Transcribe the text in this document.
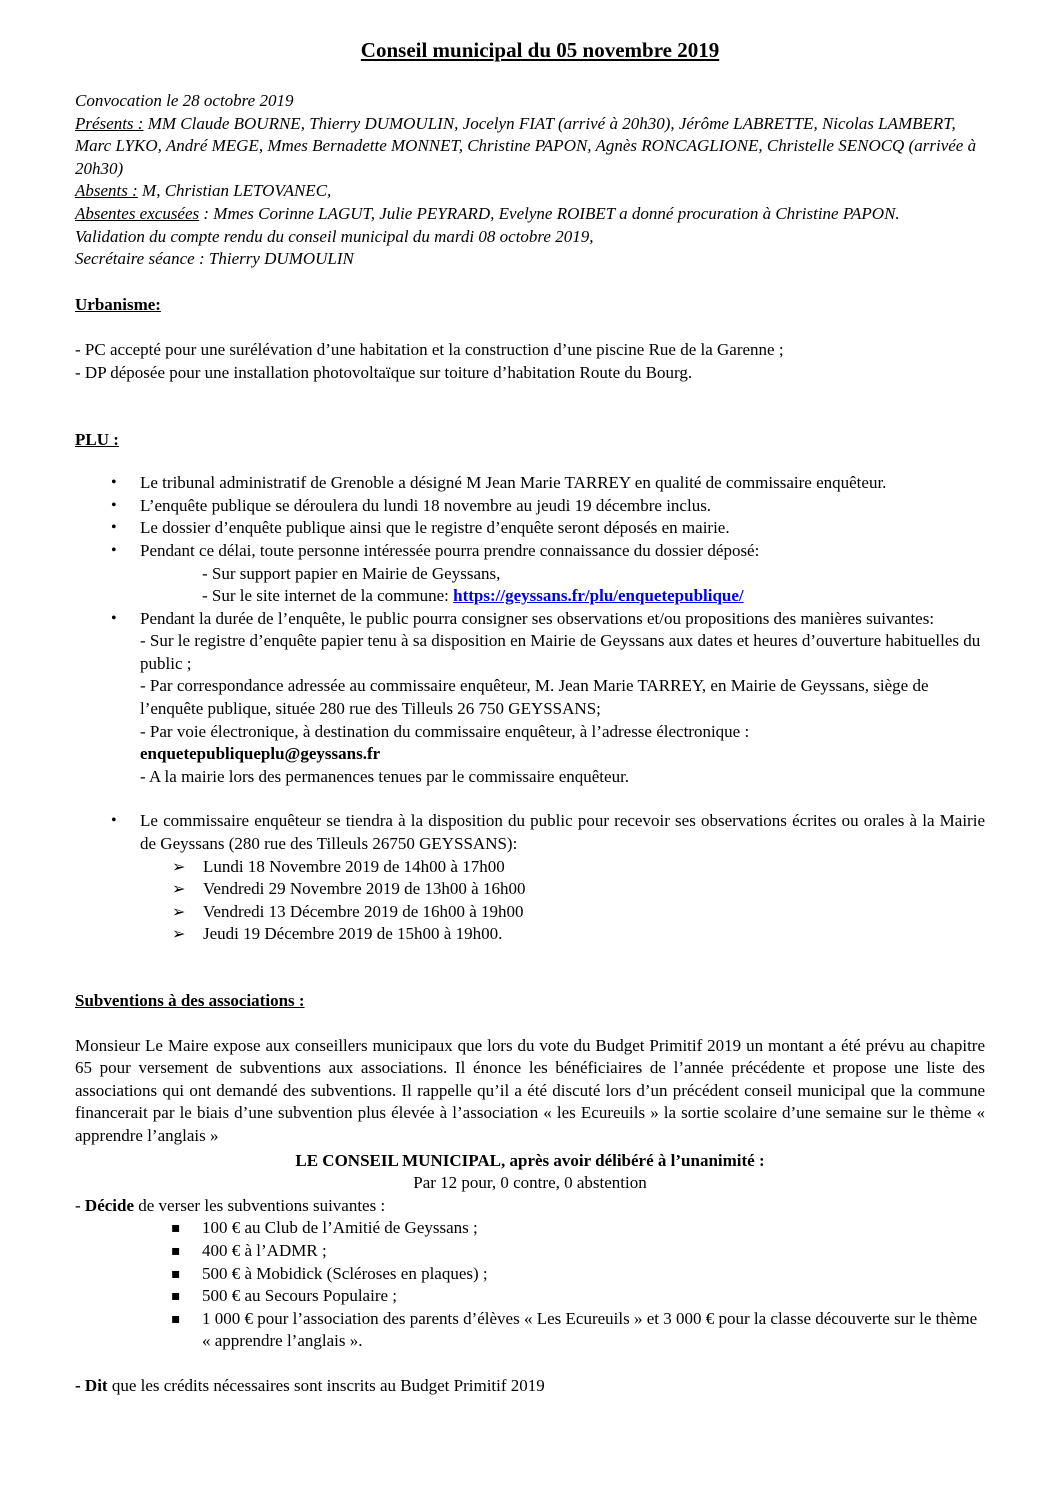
Conseil municipal du 05 novembre 2019

Convocation le 28 octobre 2019

Présents : MM Claude BOURNE, Thierry DUMOULIN, Jocelyn FIAT (arrivé à 20h30), Jérôme LABRETTE, Nicolas LAMBERT, Marc LYKO, André MEGE, Mmes Bernadette MONNET, Christine PAPON, Agnès RONCAGLIONE, Christelle SENOCQ (arrivée à 20h30)

Absents : M, Christian LETOVANEC,

Absentes excusées : Mmes Corinne LAGUT, Julie PEYRARD, Evelyne ROIBET a donné procuration à Christine PAPON.

Validation du compte rendu du conseil municipal du mardi 08 octobre 2019,

Secrétaire séance : Thierry DUMOULIN

Urbanisme:

- PC accepté pour une surélévation d’une habitation et la construction d’une piscine Rue de la Garenne ;

- DP déposée pour une installation photovoltaïque sur toiture d’habitation Route du Bourg.

PLU :

• Le tribunal administratif de Grenoble a désigné M Jean Marie TARREY en qualité de commissaire enquêteur.
• L’enquête publique se déroulera du lundi 18 novembre au jeudi 19 décembre inclus.
• Le dossier d’enquête publique ainsi que le registre d’enquête seront déposés en mairie.
• Pendant ce délai, toute personne intéressée pourra prendre connaissance du dossier déposé:

- Sur support papier en Mairie de Geyssans,

- Sur le site internet de la commune: https://geyssans.fr/plu/enquetepublique/

• Pendant la durée de l’enquête, le public pourra consigner ses observations et/ou propositions des manières suivantes:
- Sur le registre d’enquête papier tenu à sa disposition en Mairie de Geyssans aux dates et heures d’ouverture habituelles du public ;
- Par correspondance adressée au commissaire enquêteur, M. Jean Marie TARREY, en Mairie de Geyssans, siège de l’enquête publique, située 280 rue des Tilleuls 26 750 GEYSSANS;
- Par voie électronique, à destination du commissaire enquêteur, à l’adresse électronique :
enquetepubliqueplu@geyssans.fr
- A la mairie lors des permanences tenues par le commissaire enquêteur.
• Le commissaire enquêteur se tiendra à la disposition du public pour recevoir ses observations écrites ou orales à la Mairie de Geyssans (280 rue des Tilleuls 26750 GEYSSANS):
➢ Lundi 18 Novembre 2019 de 14h00 à 17h00
➢ Vendredi 29 Novembre 2019 de 13h00 à 16h00
➢ Vendredi 13 Décembre 2019 de 16h00 à 19h00
➢ Jeudi 19 Décembre 2019 de 15h00 à 19h00.

Subventions à des associations :

Monsieur Le Maire expose aux conseillers municipaux que lors du vote du Budget Primitif 2019 un montant a été prévu au chapitre 65 pour versement de subventions aux associations. Il énonce les bénéficiaires de l’année précédente et propose une liste des associations qui ont demandé des subventions. Il rappelle qu’il a été discuté lors d’un précédent conseil municipal que la commune financerait par le biais d’une subvention plus élevée à l’association « les Ecureuils » la sortie scolaire d’une semaine sur le thème « apprendre l’anglais »

LE CONSEIL MUNICIPAL, après avoir délibéré à l’unanimité :

Par 12 pour, 0 contre, 0 abstention

- Décide de verser les subventions suivantes :

▪ 100 € au Club de l’Amitié de Geyssans ;
▪ 400 € à l’ADMR ;
▪ 500 € à Mobidick (Scléroses en plaques) ;
▪ 500 € au Secours Populaire ;
▪ 1 000 € pour l’association des parents d’élèves « Les Ecureuils » et 3 000 € pour la classe découverte sur le thème « apprendre l’anglais ».

- Dit que les crédits nécessaires sont inscrits au Budget Primitif 2019
